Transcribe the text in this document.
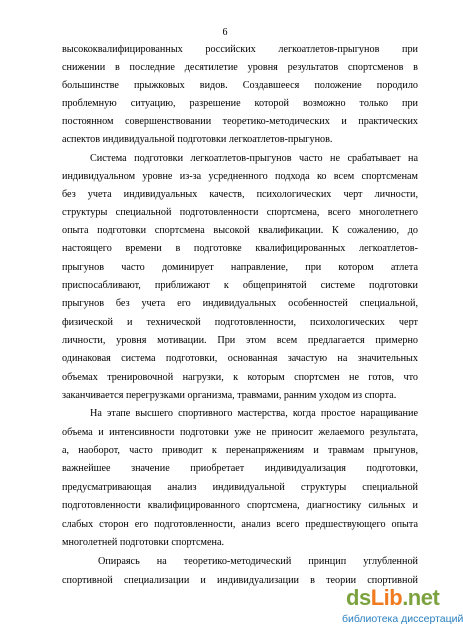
6
высококвалифицированных российских легкоатлетов-прыгунов при
снижении в последние десятилетие уровня результатов спортсменов в
большинстве прыжковых видов. Создавшееся положение породило
проблемную ситуацию, разрешение которой возможно только при
постоянном совершенствовании теоретико-методических и практических
аспектов индивидуальной подготовки легкоатлетов-прыгунов.
Система подготовки легкоатлетов-прыгунов часто не срабатывает на
индивидуальном уровне из-за усредненного подхода ко всем спортсменам
без учета индивидуальных качеств, психологических черт личности,
структуры специальной подготовленности спортсмена, всего многолетнего
опыта подготовки спортсмена высокой квалификации. К сожалению, до
настоящего времени в подготовке квалифицированных легкоатлетов-
прыгунов часто доминирует направление, при котором атлета
приспосабливают, приближают к общепринятой системе подготовки
прыгунов без учета его индивидуальных особенностей специальной,
физической и технической подготовленности, психологических черт
личности, уровня мотивации. При этом всем предлагается примерно
одинаковая система подготовки, основанная зачастую на значительных
объемах тренировочной нагрузки, к которым спортсмен не готов, что
заканчивается перегрузками организма, травмами, ранним уходом из спорта.
На этапе высшего спортивного мастерства, когда простое наращивание
объема и интенсивности подготовки уже не приносит желаемого результата,
а, наоборот, часто приводит к перенапряжениям и травмам прыгунов,
важнейшее значение приобретает индивидуализация подготовки,
предусматривающая анализ индивидуальной структуры специальной
подготовленности квалифицированного спортсмена, диагностику сильных и
слабых сторон его подготовленности, анализ всего предшествующего опыта
многолетней подготовки спортсмена.
Опираясь на теоретико-методический принцип углубленной
спортивной специализации и индивидуализации в теории спортивной
dsLib.net
библиотека диссертаций
